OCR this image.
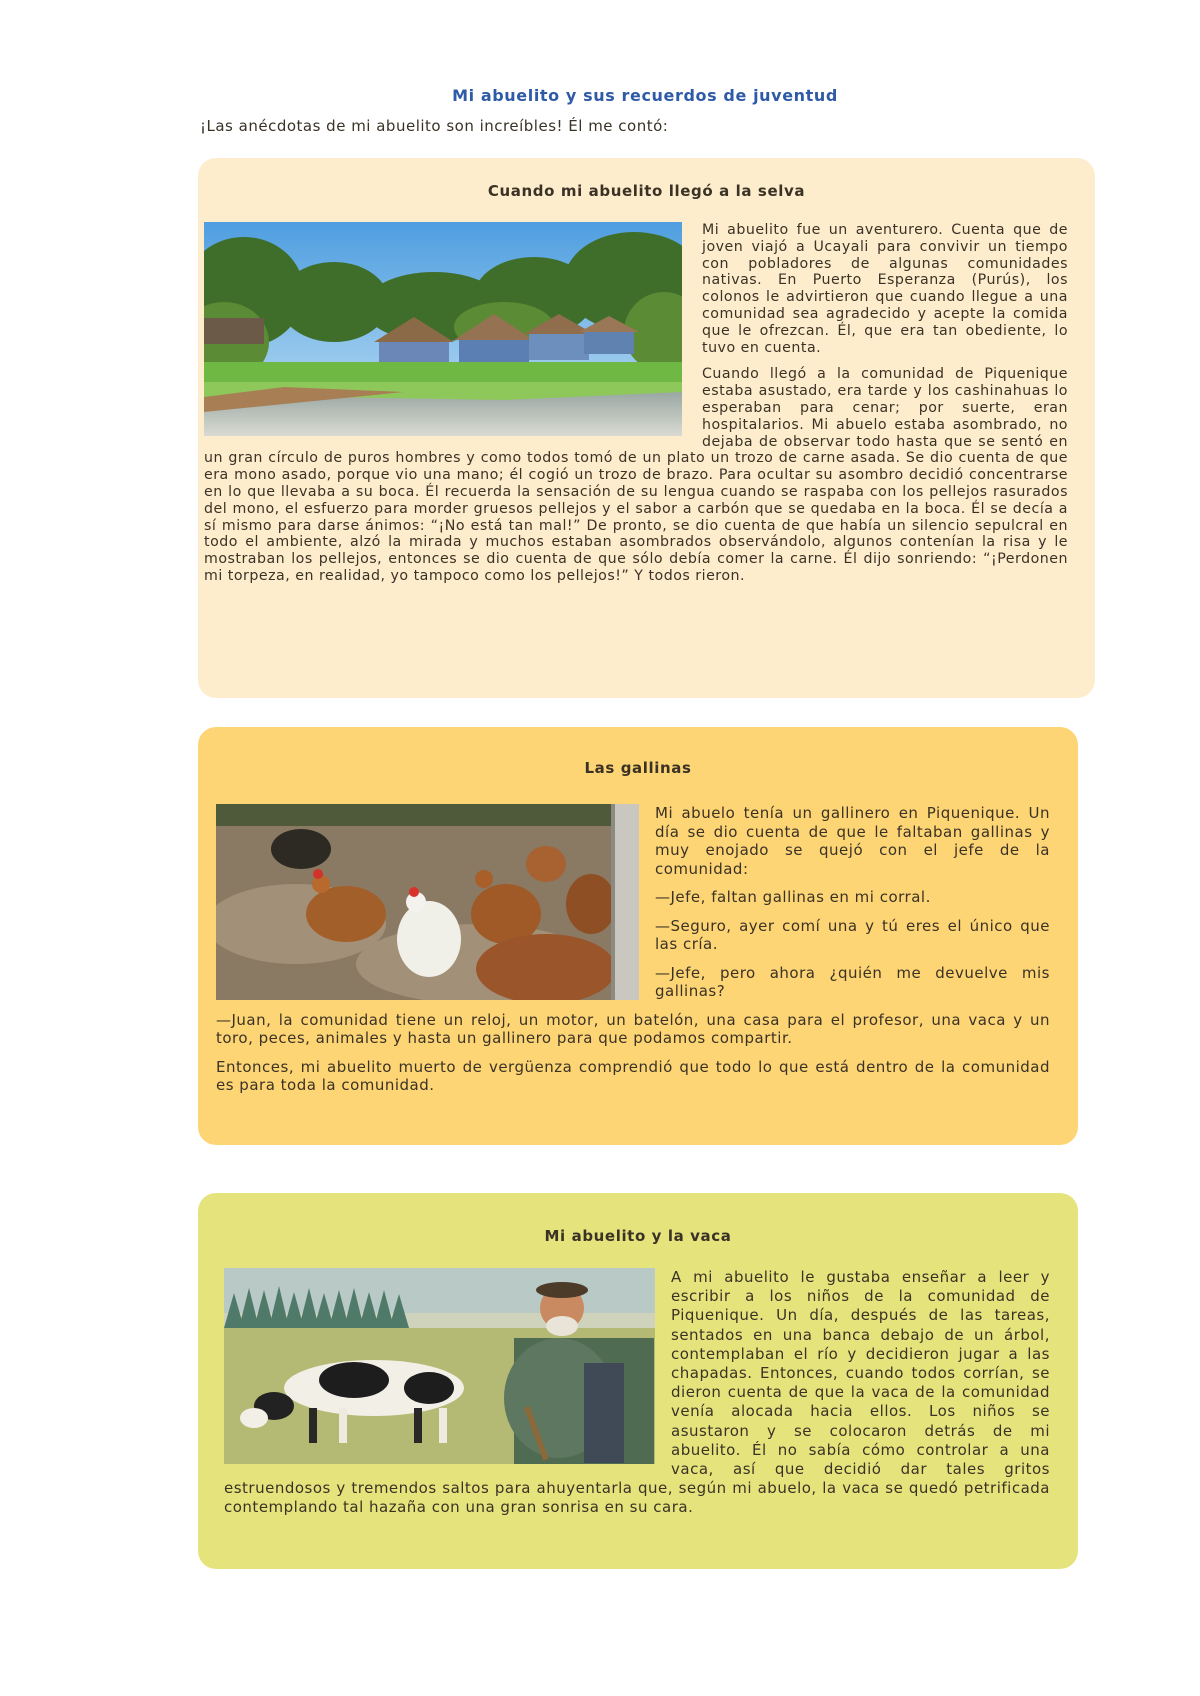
Mi abuelito y sus recuerdos de juventud
¡Las anécdotas de mi abuelito son increíbles! Él me contó:
Cuando mi abuelito llegó a la selva

Mi abuelito fue un aventurero. Cuenta que de joven viajó a Ucayali para convivir un tiempo con pobladores de algunas comunidades nativas. En Puerto Esperanza (Purús), los colonos le advirtieron que cuando llegue a una comunidad sea agradecido y acepte la comida que le ofrezcan. Él, que era tan obediente, lo tuvo en cuenta.

Cuando llegó a la comunidad de Piquenique estaba asustado, era tarde y los cashinahuas lo esperaban para cenar; por suerte, eran hospitalarios. Mi abuelo estaba asombrado, no dejaba de observar todo hasta que se sentó en un gran círculo de puros hombres y como todos tomó de un plato un trozo de carne asada. Se dio cuenta de que era mono asado, porque vio una mano; él cogió un trozo de brazo. Para ocultar su asombro decidió concentrarse en lo que llevaba a su boca. Él recuerda la sensación de su lengua cuando se raspaba con los pellejos rasurados del mono, el esfuerzo para morder gruesos pellejos y el sabor a carbón que se quedaba en la boca. Él se decía a sí mismo para darse ánimos: “¡No está tan mal!” De pronto, se dio cuenta de que había un silencio sepulcral en todo el ambiente, alzó la mirada y muchos estaban asombrados observándolo, algunos contenían la risa y le mostraban los pellejos, entonces se dio cuenta de que sólo debía comer la carne. Él dijo sonriendo: “¡Perdonen mi torpeza, en realidad, yo tampoco como los pellejos!” Y todos rieron.

Las gallinas

Mi abuelo tenía un gallinero en Piquenique. Un día se dio cuenta de que le faltaban gallinas y muy enojado se quejó con el jefe de la comunidad:

—Jefe, faltan gallinas en mi corral.

—Seguro, ayer comí una y tú eres el único que las cría.

—Jefe, pero ahora ¿quién me devuelve mis gallinas?

—Juan, la comunidad tiene un reloj, un motor, un batelón, una casa para el profesor, una vaca y un toro, peces, animales y hasta un gallinero para que podamos compartir.

Entonces, mi abuelito muerto de vergüenza comprendió que todo lo que está dentro de la comunidad es para toda la comunidad.

Mi abuelito y la vaca

A mi abuelito le gustaba enseñar a leer y escribir a los niños de la comunidad de Piquenique. Un día, después de las tareas, sentados en una banca debajo de un árbol, contemplaban el río y decidieron jugar a las chapadas. Entonces, cuando todos corrían, se dieron cuenta de que la vaca de la comunidad venía alocada hacia ellos. Los niños se asustaron y se colocaron detrás de mi abuelito. Él no sabía cómo controlar a una vaca, así que decidió dar tales gritos estruendosos y tremendos saltos para ahuyentarla que, según mi abuelo, la vaca se quedó petrificada contemplando tal hazaña con una gran sonrisa en su cara.
